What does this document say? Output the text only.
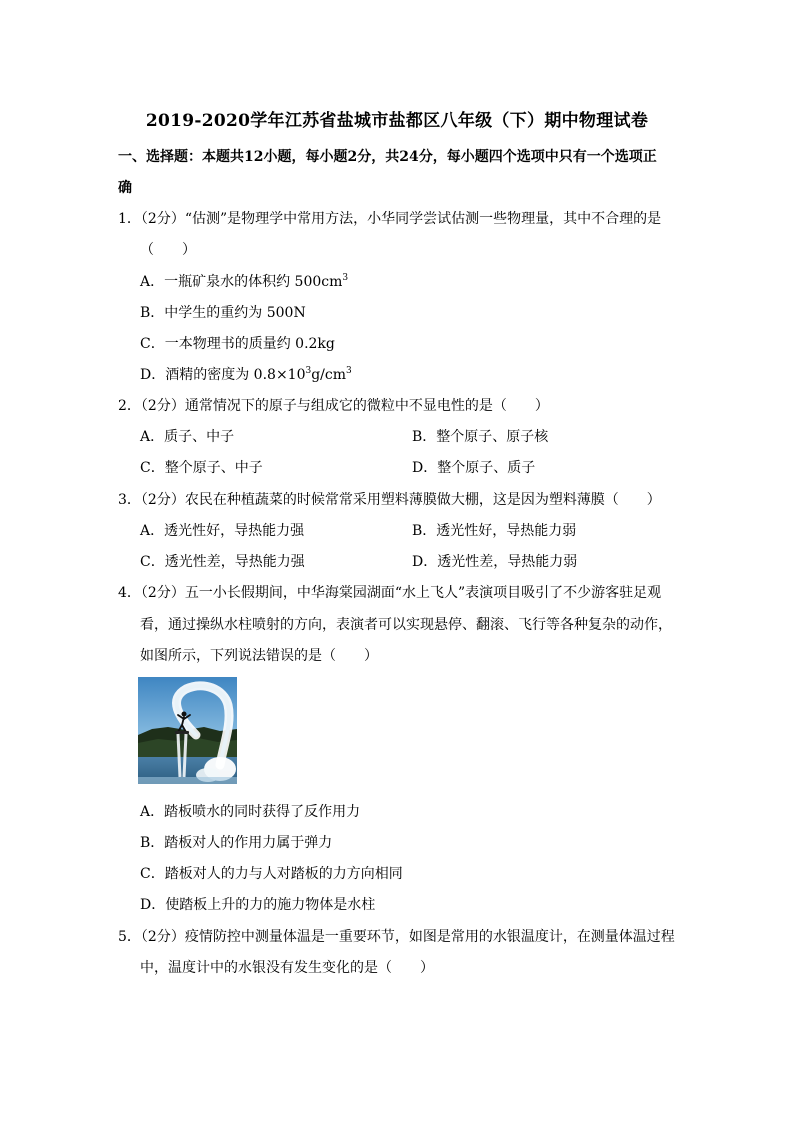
2019-2020学年江苏省盐城市盐都区八年级（下）期中物理试卷
一、选择题：本题共12小题，每小题2分，共24分，每小题四个选项中只有一个选项正
确
1．（2分）“估测”是物理学中常用方法，小华同学尝试估测一些物理量，其中不合理的是
（　　）
A．一瓶矿泉水的体积约 $500cm^3$
B．中学生的重约为 500N
C．一本物理书的质量约 0.2kg
D．酒精的密度为 $0.8\times 10^3g/cm^3$
2．（2分）通常情况下的原子与组成它的微粒中不显电性的是（　　）
A．质子、中子	B．整个原子、原子核
C．整个原子、中子	D．整个原子、质子
3．（2分）农民在种植蔬菜的时候常常采用塑料薄膜做大棚，这是因为塑料薄膜（　　）
A．透光性好，导热能力强	B．透光性好，导热能力弱
C．透光性差，导热能力强	D．透光性差，导热能力弱
4．（2分）五一小长假期间，中华海棠园湖面“水上飞人”表演项目吸引了不少游客驻足观
看，通过操纵水柱喷射的方向，表演者可以实现悬停、翻滚、飞行等各种复杂的动作，
如图所示，下列说法错误的是（　　）
A．踏板喷水的同时获得了反作用力
B．踏板对人的作用力属于弹力
C．踏板对人的力与人对踏板的力方向相同
D．使踏板上升的力的施力物体是水柱
5．（2分）疫情防控中测量体温是一重要环节，如图是常用的水银温度计，在测量体温过程
中，温度计中的水银没有发生变化的是（　　）
